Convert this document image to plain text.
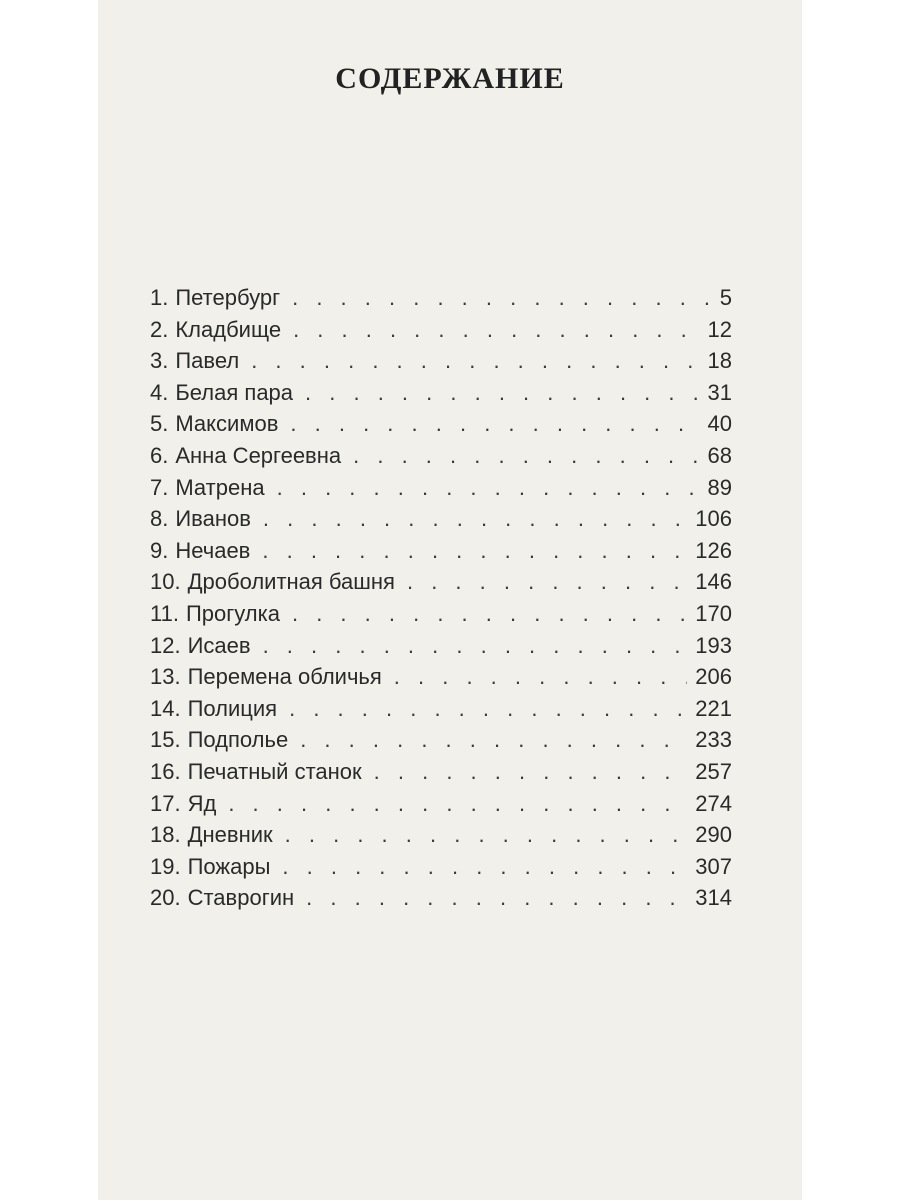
СОДЕРЖАНИЕ
1. Петербург . . .	5
2. Кладбище . . .	12
3. Павел . . .	18
4. Белая пара . . .	31
5. Максимов . . .	40
6. Анна Сергеевна . . .	68
7. Матрена . . .	89
8. Иванов . . .	106
9. Нечаев . . .	126
10. Дроболитная башня . . .	146
11. Прогулка . . .	170
12. Исаев . . .	193
13. Перемена обличья . . .	206
14. Полиция . . .	221
15. Подполье . . .	233
16. Печатный станок . . .	257
17. Яд . . .	274
18. Дневник . . .	290
19. Пожары . . .	307
20. Ставрогин . . .	314
